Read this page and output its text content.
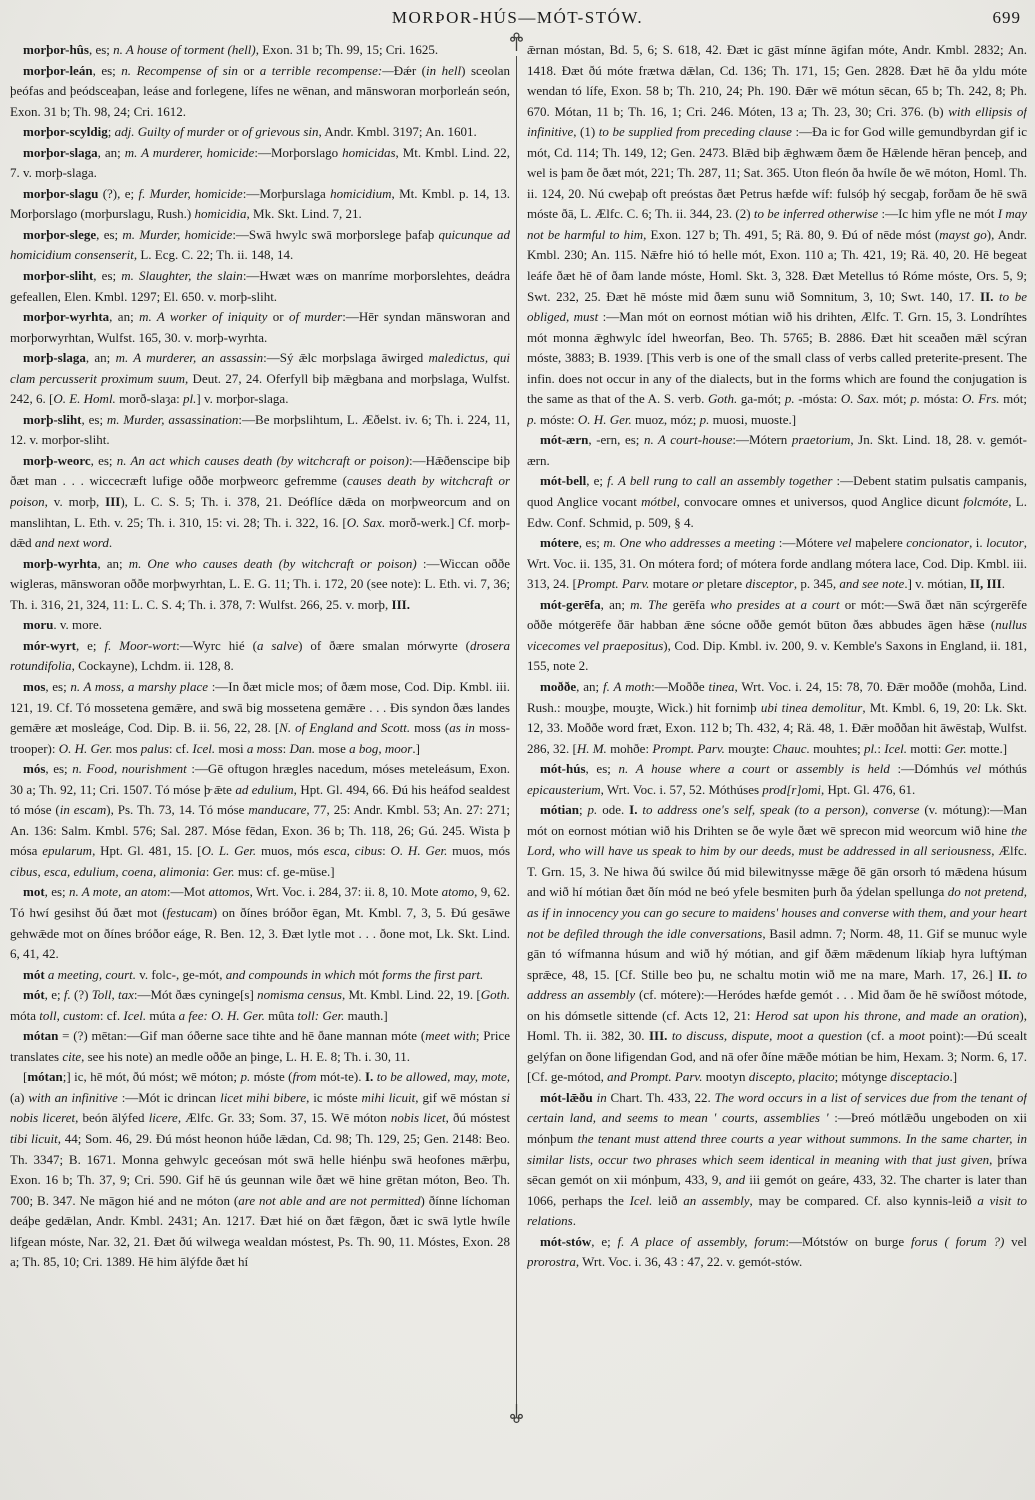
MORÞOR-HÚS—MÓT-STÓW.	699

morþor-hûs, es; n. A house of torment (hell), Exon. 31 b; Th. 99, 15; Cri. 1625.

morþor-leán, es; n. Recompense of sin or a terrible recompense:—Ðǽr (in hell) sceolan þeófas and þeódsceaþan, leáse and forlegene, lífes ne wēnan, and mānsworan morþorleán seón, Exon. 31 b; Th. 98, 24; Cri. 1612.

morþor-scyldig; adj. Guilty of murder or of grievous sin, Andr. Kmbl. 3197; An. 1601.

morþor-slaga, an; m. A murderer, homicide:—Morþorslago homicidas, Mt. Kmbl. Lind. 22, 7. v. morþ-slaga.

morþor-slagu (?), e; f. Murder, homicide:—Morþurslaga homicidium, Mt. Kmbl. p. 14, 13. Morþorslago (morþurslagu, Rush.) homicidia, Mk. Skt. Lind. 7, 21.

morþor-slege, es; m. Murder, homicide:—Swā hwylc swā morþorslege þafaþ quicunque ad homicidium consenserit, L. Ecg. C. 22; Th. ii. 148, 14.

morþor-sliht, es; m. Slaughter, the slain:—Hwæt wæs on manríme morþorslehtes, deádra gefeallen, Elen. Kmbl. 1297; El. 650. v. morþ-sliht.

morþor-wyrhta, an; m. A worker of iniquity or of murder:—Hēr syndan mānsworan and morþorwyrhtan, Wulfst. 165, 30. v. morþ-wyrhta.

morþ-slaga, an; m. A murderer, an assassin:—Sý ǣlc morþslaga āwirged maledictus, qui clam percusserit proximum suum, Deut. 27, 24. Oferfyll biþ mǣgbana and morþslaga, Wulfst. 242, 6. [O. E. Homl. morð-slaȝa: pl.] v. morþor-slaga.

morþ-sliht, es; m. Murder, assassination:—Be morþslihtum, L. Æðelst. iv. 6; Th. i. 224, 11, 12. v. morþor-sliht.

morþ-weorc, es; n. An act which causes death (by witchcraft or poison):—Hǣðenscipe biþ ðæt man . . . wiccecræft lufige oððe morþweorc gefremme (causes death by witchcraft or poison, v. morþ, III), L. C. S. 5; Th. i. 378, 21. Deóflíce dǣda on morþweorcum and on manslihtan, L. Eth. v. 25; Th. i. 310, 15: vi. 28; Th. i. 322, 16. [O. Sax. morð-werk.] Cf. morþ-dǣd and next word.

morþ-wyrhta, an; m. One who causes death (by witchcraft or poison) :—Wiccan oððe wigleras, mānsworan oððe morþwyrhtan, L. E. G. 11; Th. i. 172, 20 (see note): L. Eth. vi. 7, 36; Th. i. 316, 21, 324, 11: L. C. S. 4; Th. i. 378, 7: Wulfst. 266, 25. v. morþ, III.

moru. v. more.

mór-wyrt, e; f. Moor-wort:—Wyrc hié (a salve) of ðære smalan mórwyrte (drosera rotundifolia, Cockayne), Lchdm. ii. 128, 8.

mos, es; n. A moss, a marshy place :—In ðæt micle mos; of ðæm mose, Cod. Dip. Kmbl. iii. 121, 19. Cf. Tó mossetena gemǣre, and swā big mossetena gemǣre . . . Ðis syndon ðæs landes gemǣre æt mosleáge, Cod. Dip. B. ii. 56, 22, 28. [N. of England and Scott. moss (as in moss-trooper): O. H. Ger. mos palus: cf. Icel. mosi a moss: Dan. mose a bog, moor.]

mós, es; n. Food, nourishment :—Gē oftugon hrægles nacedum, móses meteleásum, Exon. 30 a; Th. 92, 11; Cri. 1507. Tó móse þ̵ ǣte ad edulium, Hpt. Gl. 494, 66. Ðú his heáfod sealdest tó móse (in escam), Ps. Th. 73, 14. Tó móse manducare, 77, 25: Andr. Kmbl. 53; An. 27: 271; An. 136: Salm. Kmbl. 576; Sal. 287. Móse fēdan, Exon. 36 b; Th. 118, 26; Gú. 245. Wista þ̵ mósa epularum, Hpt. Gl. 481, 15. [O. L. Ger. muos, mós esca, cibus: O. H. Ger. muos, mós cibus, esca, edulium, coena, alimonia: Ger. mus: cf. ge-müse.]

mot, es; n. A mote, an atom:—Mot attomos, Wrt. Voc. i. 284, 37: ii. 8, 10. Mote atomo, 9, 62. Tó hwí gesihst ðú ðæt mot (festucam) on ðínes bróðor ēgan, Mt. Kmbl. 7, 3, 5. Ðú gesāwe gehwǣde mot on ðínes bróðor eáge, R. Ben. 12, 3. Ðæt lytle mot . . . ðone mot, Lk. Skt. Lind. 6, 41, 42.

mót a meeting, court. v. folc-, ge-mót, and compounds in which mót forms the first part.

mót, e; f. (?) Toll, tax:—Mót ðæs cyninge[s] nomisma census, Mt. Kmbl. Lind. 22, 19. [Goth. móta toll, custom: cf. Icel. múta a fee: O. H. Ger. mûta toll: Ger. mauth.]

mótan = (?) mētan:—Gif man óðerne sace tihte and hē ðane mannan móte (meet with; Price translates cite, see his note) an medle oððe an þinge, L. H. E. 8; Th. i. 30, 11.

[mótan;] ic, hē mót, ðú móst; wē móton; p. móste (from mót-te). I. to be allowed, may, mote, (a) with an infinitive :—Mót ic drincan licet mihi bibere, ic móste mihi licuit, gif wē móstan si nobis liceret, beón ālýfed licere, Ælfc. Gr. 33; Som. 37, 15. Wē móton nobis licet, ðú móstest tibi licuit, 44; Som. 46, 29. Ðú móst heonon húðe lǣdan, Cd. 98; Th. 129, 25; Gen. 2148: Beo. Th. 3347; B. 1671. Monna gehwylc geceósan mót swā helle hiénþu swā heofones mǣrþu, Exon. 16 b; Th. 37, 9; Cri. 590. Gif hē ús geunnan wile ðæt wē hine grētan móton, Beo. Th. 700; B. 347. Ne māgon hié and ne móton (are not able and are not permitted) ðínne líchoman deáþe gedǣlan, Andr. Kmbl. 2431; An. 1217. Ðæt hié on ðæt fǣgon, ðæt ic swā lytle hwíle lifgean móste, Nar. 32, 21. Ðæt ðú wilwega wealdan móstest, Ps. Th. 90, 11. Móstes, Exon. 28 a; Th. 85, 10; Cri. 1389. Hē him ālýfde ðæt hí

ǣrnan móstan, Bd. 5, 6; S. 618, 42. Ðæt ic gāst mínne āgifan móte, Andr. Kmbl. 2832; An. 1418. Ðæt ðú móte frætwa dǣlan, Cd. 136; Th. 171, 15; Gen. 2828. Ðæt hē ða yldu móte wendan tó lífe, Exon. 58 b; Th. 210, 24; Ph. 190. Ðǣr wē mótun sēcan, 65 b; Th. 242, 8; Ph. 670. Mótan, 11 b; Th. 16, 1; Cri. 246. Móten, 13 a; Th. 23, 30; Cri. 376. (b) with ellipsis of infinitive, (1) to be supplied from preceding clause :—Ða ic for God wille gemundbyrdan gif ic mót, Cd. 114; Th. 149, 12; Gen. 2473. Blǣd biþ ǣghwæm ðæm ðe Hǣlende hēran þenceþ, and wel is þam ðe ðæt mót, 221; Th. 287, 11; Sat. 365. Uton fleón ða hwíle ðe wē móton, Homl. Th. ii. 124, 20. Nú cweþaþ oft preóstas ðæt Petrus hæfde wíf: fulsóþ hý secgaþ, forðam ðe hē swā móste ðā, L. Ælfc. C. 6; Th. ii. 344, 23. (2) to be inferred otherwise :—Ic him yfle ne mót I may not be harmful to him, Exon. 127 b; Th. 491, 5; Rä. 80, 9. Ðú of nēde móst (mayst go), Andr. Kmbl. 230; An. 115. Nǣfre hió tó helle mót, Exon. 110 a; Th. 421, 19; Rä. 40, 20. Hē begeat leáfe ðæt hē of ðam lande móste, Homl. Skt. 3, 328. Ðæt Metellus tó Róme móste, Ors. 5, 9; Swt. 232, 25. Ðæt hē móste mid ðæm sunu wið Somnitum, 3, 10; Swt. 140, 17. II. to be obliged, must :—Man mót on eornost mótian wið his drihten, Ælfc. T. Grn. 15, 3. Londríhtes mót monna ǣghwylc ídel hweorfan, Beo. Th. 5765; B. 2886. Ðæt hit sceaðen mǣl scýran móste, 3883; B. 1939. [This verb is one of the small class of verbs called preterite-present. The infin. does not occur in any of the dialects, but in the forms which are found the conjugation is the same as that of the A. S. verb. Goth. ga-mót; p. -mósta: O. Sax. mót; p. mósta: O. Frs. mót; p. móste: O. H. Ger. muoz, móz; p. muosi, muoste.]

mót-ærn, -ern, es; n. A court-house:—Mótern praetorium, Jn. Skt. Lind. 18, 28. v. gemót-ærn.

mót-bell, e; f. A bell rung to call an assembly together :—Debent statim pulsatis campanis, quod Anglice vocant mótbel, convocare omnes et universos, quod Anglice dicunt folcmóte, L. Edw. Conf. Schmid, p. 509, § 4.

mótere, es; m. One who addresses a meeting :—Mótere vel maþelere concionator, i. locutor, Wrt. Voc. ii. 135, 31. On mótera ford; of mótera forde andlang mótera lace, Cod. Dip. Kmbl. iii. 313, 24. [Prompt. Parv. motare or pletare disceptor, p. 345, and see note.] v. mótian, II, III.

mót-gerēfa, an; m. The gerēfa who presides at a court or mót:—Swā ðæt nān scýrgerēfe oððe mótgerēfe ðār habban ǣne sócne oððe gemót būton ðæs abbudes āgen hǣse (nullus vicecomes vel praepositus), Cod. Dip. Kmbl. iv. 200, 9. v. Kemble's Saxons in England, ii. 181, 155, note 2.

moððe, an; f. A moth:—Moððe tinea, Wrt. Voc. i. 24, 15: 78, 70. Ðǣr moððe (mohða, Lind. Rush.: mouȝþe, mouȝte, Wick.) hit fornimþ ubi tinea demolitur, Mt. Kmbl. 6, 19, 20: Lk. Skt. 12, 33. Moððe word fræt, Exon. 112 b; Th. 432, 4; Rä. 48, 1. Ðǣr moððan hit āwēstaþ, Wulfst. 286, 32. [H. M. mohðe: Prompt. Parv. mouȝte: Chauc. mouhtes; pl.: Icel. motti: Ger. motte.]

mót-hús, es; n. A house where a court or assembly is held :—Dómhús vel móthús epicausterium, Wrt. Voc. i. 57, 52. Móthúses prod[r]omi, Hpt. Gl. 476, 61.

mótian; p. ode. I. to address one's self, speak (to a person), converse (v. mótung):—Man mót on eornost mótian wið his Drihten se ðe wyle ðæt wē sprecon mid weorcum wið hine the Lord, who will have us speak to him by our deeds, must be addressed in all seriousness, Ælfc. T. Grn. 15, 3. Ne hiwa ðú swilce ðú mid bilewitnysse mǣge ðē gān orsorh tó mǣdena húsum and wið hí mótian ðæt ðín mód ne beó yfele besmiten þurh ða ýdelan spellunga do not pretend, as if in innocency you can go secure to maidens' houses and converse with them, and your heart not be defiled through the idle conversations, Basil admn. 7; Norm. 48, 11. Gif se munuc wyle gān tó wífmanna húsum and wið hý mótian, and gif ðǣm mǣdenum líkiaþ hyra luftýman sprǣce, 48, 15. [Cf. Stille beo þu, ne schaltu motin wið me na mare, Marh. 17, 26.] II. to address an assembly (cf. mótere):—Heródes hæfde gemót . . . Mid ðam ðe hē swíðost mótode, on his dómsetle sittende (cf. Acts 12, 21: Herod sat upon his throne, and made an oration), Homl. Th. ii. 382, 30. III. to discuss, dispute, moot a question (cf. a moot point):—Ðú scealt gelýfan on ðone lifigendan God, and nā ofer ðíne mǣðe mótian be him, Hexam. 3; Norm. 6, 17. [Cf. ge-mótod, and Prompt. Parv. mootyn discepto, placito; mótynge disceptacio.]

mót-lǣðu in Chart. Th. 433, 22. The word occurs in a list of services due from the tenant of certain land, and seems to mean ' courts, assemblies ' :—Þreó mótlǣðu ungeboden on xii mónþum the tenant must attend three courts a year without summons. In the same charter, in similar lists, occur two phrases which seem identical in meaning with that just given, þríwa sēcan gemót on xii mónþum, 433, 9, and iii gemót on geáre, 433, 32. The charter is later than 1066, perhaps the Icel. leið an assembly, may be compared. Cf. also kynnis-leið a visit to relations.

mót-stów, e; f. A place of assembly, forum:—Mótstów on burge forus ( forum ?) vel prorostra, Wrt. Voc. i. 36, 43 : 47, 22. v. gemót-stów.
